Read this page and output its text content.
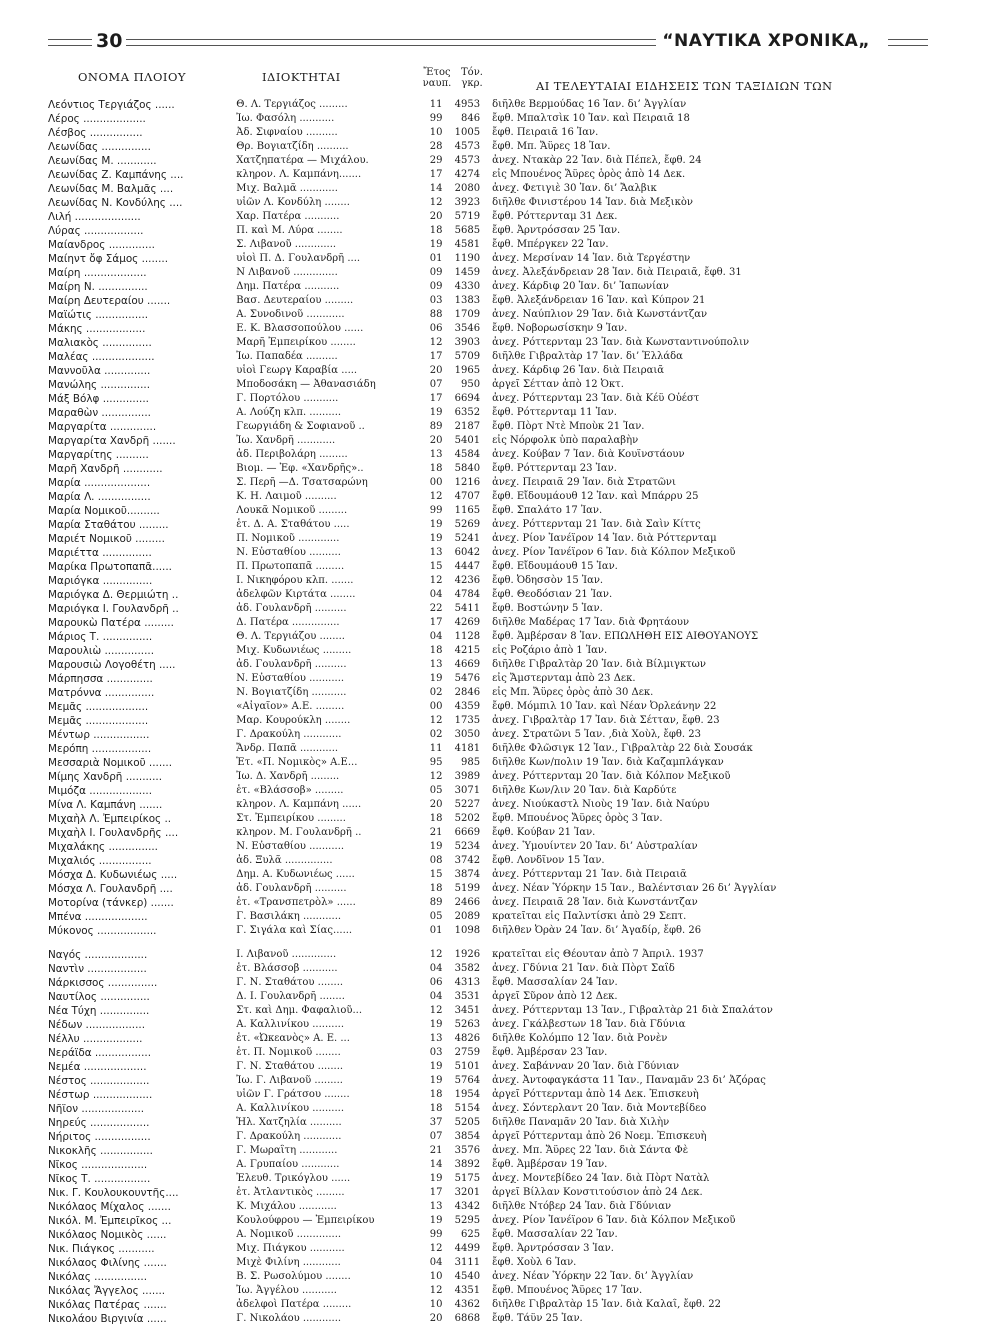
30	“ΝΑΥΤΙΚΑ ΧΡΟΝΙΚΑ„
ΟΝΟΜΑ ΠΛΟΙΟΥ	ΙΔΙΟΚΤΗΤΑΙ	Ἔτος ναυπ.
Τόν. γκρ.	ΑΙ ΤΕΛΕΥΤΑΙΑΙ ΕΙΔΗΣΕΙΣ ΤΩΝ ΤΑΞΙΔΙΩΝ ΤΩΝ
Λεόντιος Τεργιάζος ......	Θ. Λ. Τεργιάζος .........	11	4953	διῆλθε Βερμούδας 16 Ἰαν. δι’ Ἀγγλίαν
Λέρος ...................	Ἰω. Φασόλη ...........	99	846	ἔφθ. Μπαλτσὶκ 10 Ἰαν. καὶ Πειραιᾶ 18
Λέσβος ................	Ἀδ. Σιφναίου ..........	10	1005	ἔφθ. Πειραιᾶ 16 Ἰαν.
Λεωνίδας ...............	Θρ. Βογιατζίδη ..........	28	4573	ἔφθ. Μπ. Ἄϋρες 18 Ἰαν.
Λεωνίδας Μ. ............	Χατζηπατέρα — Μιχάλου.	29	4573	ἀνεχ. Ντακὰρ 22 Ἰαν. διὰ Πέπελ, ἔφθ. 24
Λεωνίδας Ζ. Καμπάνης ....	κληρον. Λ. Καμπάνη.......	17	4274	εἰς Μπουένος Ἄϋρες ὁρὸς ἀπὸ 14 Δεκ.
Λεωνίδας Μ. Βαλμᾶς ....	Μιχ. Βαλμᾶ ............	14	2080	ἀνεχ. Φετιγιὲ 30 Ἰαν. δι’ Ἄαλβικ
Λεωνίδας Ν. Κονδύλης ....	υἱῶν Λ. Κονδύλη ........	12	3923	διῆλθε Φινιστέρου 14 Ἰαν. διὰ Μεξικὸν
Λιλή ....................	Χαρ. Πατέρα ...........	20	5719	ἔφθ. Ρόττερνταμ 31 Δεκ.
Λύρας ..................	Π. καὶ Μ. Λύρα ........	18	5685	ἔφθ. Ἀρντρόσσαν 25 Ἰαν.
Μαίανδρος ..............	Σ. Λιβανοῦ .............	19	4581	ἔφθ. Μπέργκεν 22 Ἰαν.
Μαίηντ ὄφ Σάμος ........	υἱοὶ Π. Δ. Γουλανδρῆ ....	01	1190	ἀνεχ. Μερσίναν 14 Ἰαν. διὰ Τεργέστην
Μαίρη ...................	Ν Λιβανοῦ ..............	09	1459	ἀνεχ. Ἀλεξάνδρειαν 28 Ἰαν. διὰ Πειραιᾶ, ἔφθ. 31
Μαίρη Ν. ...............	Δημ. Πατέρα ...........	09	4330	ἀνεχ. Κάρδιφ 20 Ἰαν. δι’ Ἰαπωνίαν
Μαίρη Δευτεραίου .......	Βασ. Δευτεραίου .........	03	1383	ἔφθ. Ἀλεξάνδρειαν 16 Ἰαν. καὶ Κύπρον 21
Μαϊώτις ................	Α. Συνοδινοῦ ............	88	1709	ἀνεχ. Ναύπλιον 29 Ἰαν. διὰ Κωνστάντζαν
Μάκης ..................	Ε. Κ. Βλασσοπούλου ......	06	3546	ἔφθ. Νοβορωσίσκην 9 Ἰαν.
Μαλιακὸς ...............	Μαρῆ Ἐμπειρίκου ........	12	3903	ἀνεχ. Ρόττερνταμ 23 Ἰαν. διὰ Κωνσταντινούπολιν
Μαλέας ...................	Ἰω. Παπαδέα ..........	17	5709	διῆλθε Γιβραλτὰρ 17 Ἰαν. δι’ Ἑλλάδα
Μαννοῦλα ..............	υἱοὶ Γεωργ Καραβία .....	20	1965	ἀνεχ. Κάρδιφ 26 Ἰαν. διὰ Πειραιᾶ
Μανώλης ...............	Μποδοσάκη — Ἀθανασιάδη	07	950	ἀργεῖ Σέτταν ἀπὸ 12 Ὀκτ.
Μάξ Βόλφ ..............	Γ. Πορτόλου ...........	17	6694	ἀνεχ. Ρόττερνταμ 23 Ἰαν. διὰ Κέϋ Οὐέστ
Μαραθὼν ...............	Α. Λούζη κλπ. ..........	19	6352	ἔφθ. Ρόττερνταμ 11 Ἰαν.
Μαργαρίτα ..............	Γεωργιάδη & Σοφιανοῦ ..	89	2187	ἔφθ. Πὸρτ Ντὲ Μποὺκ 21 Ἰαν.
Μαργαρίτα Χανδρῆ .......	Ἰω. Χανδρῆ ............	20	5401	εἰς Νόρφολκ ὑπὸ παραλαβὴν
Μαργαρίτης ..........	ἀδ. Περιβολάρη .........	13	4584	ἀνεχ. Κούβαν 7 Ἰαν. διὰ Κουϊνστάουν
Μαρῆ Χανδρῆ ............	Βιομ. — Ἐφ. «Χανδρῆς»..	18	5840	ἔφθ. Ρόττερνταμ 23 Ἰαν.
Μαρία ....................	Σ. Περῆ —Δ. Τσατσαρώνη	00	1216	ἀνεχ. Πειραιᾶ 29 Ἰαν. διὰ Στρατῶνι
Μαρία Λ. ................	Κ. Η. Λαιμοῦ ..........	12	4707	ἔφθ. Εἴδουμάουθ 12 Ἰαν. καὶ Μπάρρυ 25
Μαρία Νομικοῦ..........	Λουκᾶ Νομικοῦ .........	99	1165	ἔφθ. Σπαλάτο 17 Ἰαν.
Μαρία Σταθάτου .........	ἑτ. Δ. Α. Σταθάτου .....	19	5269	ἀνεχ. Ρόττερνταμ 21 Ἰαν. διὰ Σαὶν Κίττς
Μαριέτ Νομικοῦ .........	Π. Νομικοῦ .............	19	5241	ἀνεχ. Ρίον Ἰανέϊρον 14 Ἰαν. διὰ Ρόττερνταμ
Μαριέττα ...............	Ν. Εὐσταθίου ..........	13	6042	ἀνεχ. Ρίον Ἰανέϊρον 6 Ἰαν. διὰ Κόλπον Μεξικοῦ
Μαρίκα Πρωτοπαπᾶ......	Π. Πρωτοπαπᾶ .........	15	4447	ἔφθ. Εἴδουμάουθ 15 Ἰαν.
Μαριόγκα ...............	Ι. Νικηφόρου κλπ. .......	12	4236	ἔφθ. Ὀδησσὸν 15 Ἰαν.
Μαριόγκα Δ. Θερμιώτη ..	ἀδελφῶν Κιρτάτα ........	04	4784	ἔφθ. Θεοδόσιαν 21 Ἰαν.
Μαριόγκα Ι. Γουλανδρῆ ..	ἀδ. Γουλανδρῆ ..........	22	5411	ἔφθ. Βοστώνην 5 Ἰαν.
Μαρουκὼ Πατέρα .........	Δ. Πατέρα ...............	17	4269	διῆλθε Μαδέρας 17 Ἰαν. διὰ Φρητάουν
Μάριος Τ. ...............	Θ. Λ. Τεργιάζου ........	04	1128	ἔφθ. Ἀμβέρσαν 8 Ἰαν. ΕΠΩΛΗΘΗ ΕΙΣ ΑΙΘΟΥΑΝΟΥΣ
Μαρουλιὼ ...............	Μιχ. Κυδωνιέως .........	18	4215	εἰς Ροζάριο ἀπὸ 1 Ἰαν.
Μαρουσιὼ Λογοθέτη .....	ἀδ. Γουλανδρῆ ..........	13	4669	διῆλθε Γιβραλτὰρ 20 Ἰαν. διὰ Βίλμιγκτων
Μάρπησσα ..............	Ν. Εὐσταθίου ...........	19	5476	εἰς Ἄμστερνταμ ἀπὸ 23 Δεκ.
Ματρόννα ...............	Ν. Βογιατζίδη ...........	02	2846	εἰς Μπ. Ἄϋρες ὁρὸς ἀπὸ 30 Δεκ.
Μεμᾶς ...................	«Αἰγαῖον» Α.Ε. .........	00	4359	ἔφθ. Μόμπιλ 10 Ἰαν. καὶ Νέαν Ὀρλεάνην 22
Μεμᾶς ...................	Μαρ. Κουρούκλη ........	12	1735	ἀνεχ. Γιβραλτὰρ 17 Ἰαν. διὰ Σέτταν, ἔφθ. 23
Μέντωρ .................	Γ. Δρακούλη ............	02	3050	ἀνεχ. Στρατῶνι 5 Ἰαν. ,διὰ Χοὺλ, ἔφθ. 23
Μερόπη ..................	Ἄνδρ. Παπᾶ ............	11	4181	διῆλθε Φλῶσιγκ 12 Ἰαν., Γιβραλτὰρ 22 διὰ Σουσάκ
Μεσσαριὰ Νομικοῦ .......	Ἑτ. «Π. Νομικὸς» Α.Ε...	95	985	διῆλθε Κων/πολιν 19 Ἰαν. διὰ Καζαμπλάγκαν
Μίμης Χανδρῆ ...........	Ἰω. Δ. Χανδρῆ .........	12	3989	ἀνεχ. Ρόττερνταμ 20 Ἰαν. διὰ Κόλπον Μεξικοῦ
Μιμόζα ...................	ἑτ. «Βλάσσοβ» .........	05	3071	διῆλθε Κων/λιν 20 Ἰαν. διὰ Καρδύτε
Μίνα Λ. Καμπάνη .......	κληρον. Λ. Καμπάνη ......	20	5227	ἀνεχ. Νιούκαστλ Νιοὺς 19 Ἰαν. διὰ Ναύρυ
Μιχαὴλ Λ. Ἐμπειρίκος ..	Στ. Ἐμπειρίκου .........	18	5202	ἔφθ. Μπουένος Ἄϋρες ὁρὸς 3 Ἰαν.
Μιχαὴλ Ι. Γουλανδρῆς ....	κληρον. Μ. Γουλανδρῆ ..	21	6669	ἔφθ. Κούβαν 21 Ἰαν.
Μιχαλάκης ...............	Ν. Εὐσταθίου ...........	19	5234	ἀνεχ. Ὑμουίντεν 20 Ἰαν. δι’ Αὐστραλίαν
Μιχαλιός ................	ἀδ. Ξυλᾶ ...............	08	3742	ἔφθ. Λονδῖνον 15 Ἰαν.
Μόσχα Δ. Κυδωνιέως .....	Δημ. Α. Κυδωνιέως ......	15	3874	ἀνεχ. Ρόττερνταμ 21 Ἰαν. διὰ Πειραιᾶ
Μόσχα Λ. Γουλανδρῆ ....	ἀδ. Γουλανδρῆ ..........	18	5199	ἀνεχ. Νέαν Ὑόρκην 15 Ἰαν., Βαλέντσιαν 26 δι’ Ἀγγλίαν
Μοτορίνα (τάνκερ) .......	ἑτ. «Τρανσπετρὸλ» ......	89	2466	ἀνεχ. Πειραιᾶ 28 Ἰαν. διὰ Κωνστάντζαν
Μπένα ...................	Γ. Βασιλάκη ............	05	2089	κρατεῖται εἰς Παλντίσκι ἀπὸ 29 Σεπτ.
Μύκονος ..................	Γ. Σιγάλα καὶ Σίας......	01	1098	διῆλθεν Ὀρὰν 24 Ἰαν. δι’ Ἀγαδίρ, ἔφθ. 26
Ναγός ...................	Ι. Λιβανοῦ ..............	12	1926	κρατεῖται εἰς Θέουταν ἀπὸ 7 Ἀπριλ. 1937
Ναντὶν ..................	ἑτ. Βλάσσοβ ...........	04	3582	ἀνεχ. Γδύνια 21 Ἰαν. διὰ Πὸρτ Σαῒδ
Νάρκισσος ...............	Γ. Ν. Σταθάτου ........	06	4313	ἔφθ. Μασσαλίαν 24 Ἰαν.
Ναυτίλος ...............	Δ. Ι. Γουλανδρῆ ........	04	3531	ἀργεῖ Σῦρον ἀπὸ 12 Δεκ.
Νέα Τύχη ...............	Στ. καὶ Δημ. Φαφαλιοῦ...	12	3451	ἀνεχ. Ρόττερνταμ 13 Ἰαν., Γιβραλτὰρ 21 διὰ Σπαλάτον
Νέδων ..................	Α. Καλλινίκου ..........	19	5263	ἀνεχ. Γκάλβεστων 18 Ἰαν. διὰ Γδύνια
Νέλλυ ..................	ἑτ. «Ὠκεανὸς» Α. Ε. ...	13	4826	διῆλθε Κολόμπο 12 Ἰαν. διὰ Ρονὲν
Νεράϊδα .................	ἑτ. Π. Νομικοῦ ........	03	2759	ἔφθ. Ἀμβέρσαν 23 Ἰαν.
Νεμέα ...................	Γ. Ν. Σταθάτου ........	19	5101	ἀνεχ. Σαβάνναν 20 Ἰαν. διὰ Γδύνιαν
Νέστος ..................	Ἰω. Γ. Λιβανοῦ .........	19	5764	ἀνεχ. Ἀντοφαγκάστα 11 Ἰαν., Παναμᾶν 23 δι’ Ἀζόρας
Νέστωρ ..................	υἱῶν Γ. Γράτσου ........	18	1954	ἀργεῖ Ρόττερνταμ ἀπὸ 14 Δεκ. Ἐπισκευὴ
Νῆϊον ...................	Α. Καλλινίκου ..........	18	5154	ἀνεχ. Σόντερλαντ 20 Ἰαν. διὰ Μοντεβίδεο
Νηρεύς ..................	Ἡλ. Χατζηλία ..........	37	5205	διῆλθε Παναμᾶν 20 Ἰαν. διὰ Χιλὴν
Νήριτος .................	Γ. Δρακούλη ............	07	3854	ἀργεῖ Ρόττερνταμ ἀπὸ 26 Νοεμ. Ἐπισκευὴ
Νικοκλῆς ................	Γ. Μωραΐτη ............	21	3576	ἀνεχ. Μπ. Ἄϋρες 22 Ἰαν. διὰ Σάντα Φὲ
Νῖκος ....................	Α. Γρυπαίου ............	14	3892	ἔφθ. Ἀμβέρσαν 19 Ἰαν.
Νῖκος Τ. .................	Ἐλευθ. Τρικόγλου ......	19	5175	ἀνεχ. Μοντεβίδεο 24 Ἰαν. διὰ Πὸρτ Νατὰλ
Νικ. Γ. Κουλουκουντῆς....	ἑτ. Ἀτλαντικὸς .........	17	3201	ἀργεῖ Βίλλαν Κονστιτούσιον ἀπὸ 24 Δεκ.
Νικόλαος Μίχαλος .......	Κ. Μιχάλου ............	13	4342	διῆλθε Ντόβερ 24 Ἰαν. διὰ Γδύνιαν
Νικόλ. Μ. Ἐμπειρῖκος ...	Κουλούφρου — Ἐμπειρίκου	19	5295	ἀνεχ. Ρίον Ἰανέϊρον 6 Ἰαν. διὰ Κόλπον Μεξικοῦ
Νικόλαος Νομικὸς ......	Α. Νομικοῦ ..............	99	625	ἔφθ. Μασσαλίαν 22 Ἰαν.
Νικ. Πιάγκος ...........	Μιχ. Πιάγκου ...........	12	4499	ἔφθ. Ἀρντρόσσαν 3 Ἰαν.
Νικόλαος Φιλίνης .......	Μιχὲ Φιλίνη ............	04	3111	ἔφθ. Χοὺλ 6 Ἰαν.
Νικόλας ................	Β. Σ. Ρωσολύμου ........	10	4540	ἀνεχ. Νέαν Ὑόρκην 22 Ἰαν. δι’ Ἀγγλίαν
Νικόλας Ἄγγελος .......	Ἰω. Ἀγγέλου ...........	12	4351	ἔφθ. Μπουένος Ἄϋρες 17 Ἰαν.
Νικόλας Πατέρας .......	ἀδελφοὶ Πατέρα .........	10	4362	διῆλθε Γιβραλτὰρ 15 Ἰαν. διὰ Καλαΐ, ἔφθ. 22
Νικολάου Βιργινία ......	Γ. Νικολάου ............	20	6868	ἔφθ. Τάϋν 25 Ἰαν.
